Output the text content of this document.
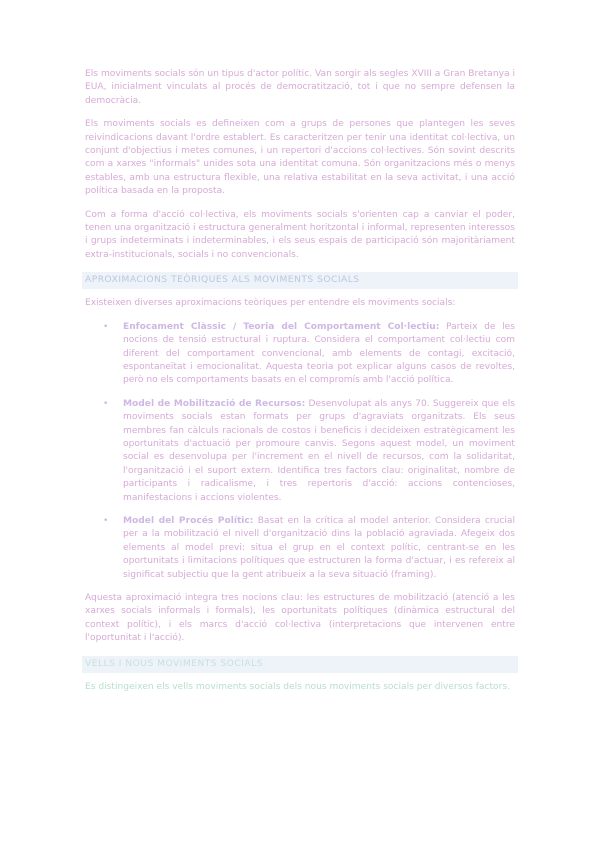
Els moviments socials són un tipus d'actor polític. Van sorgir als segles XVIII a Gran Bretanya i EUA, inicialment vinculats al procés de democratització, tot i que no sempre defensen la democràcia.

Els moviments socials es defineixen com a grups de persones que plantegen les seves reivindicacions davant l'ordre establert. Es caracteritzen per tenir una identitat col·lectiva, un conjunt d'objectius i metes comunes, i un repertori d'accions col·lectives. Són sovint descrits com a xarxes "informals" unides sota una identitat comuna. Són organitzacions més o menys estables, amb una estructura flexible, una relativa estabilitat en la seva activitat, i una acció política basada en la proposta.

Com a forma d'acció col·lectiva, els moviments socials s'orienten cap a canviar el poder, tenen una organització i estructura generalment horitzontal i informal, representen interessos i grups indeterminats i indeterminables, i els seus espais de participació són majoritàriament extra-institucionals, socials i no convencionals.

APROXIMACIONS TEÒRIQUES ALS MOVIMENTS SOCIALS

Existeixen diverses aproximacions teòriques per entendre els moviments socials:

• Enfocament Clàssic / Teoria del Comportament Col·lectiu: Parteix de les nocions de tensió estructural i ruptura. Considera el comportament col·lectiu com diferent del comportament convencional, amb elements de contagi, excitació, espontaneïtat i emocionalitat. Aquesta teoria pot explicar alguns casos de revoltes, però no els comportaments basats en el compromís amb l'acció política.
• Model de Mobilització de Recursos: Desenvolupat als anys 70. Suggereix que els moviments socials estan formats per grups d'agraviats organitzats. Els seus membres fan càlculs racionals de costos i beneficis i decideixen estratègicament les oportunitats d'actuació per promoure canvis. Segons aquest model, un moviment social es desenvolupa per l'increment en el nivell de recursos, com la solidaritat, l'organització i el suport extern. Identifica tres factors clau: originalitat, nombre de participants i radicalisme, i tres repertoris d'acció: accions contencioses, manifestacions i accions violentes.
• Model del Procés Polític: Basat en la crítica al model anterior. Considera crucial per a la mobilització el nivell d'organització dins la població agraviada. Afegeix dos elements al model previ: situa el grup en el context polític, centrant-se en les oportunitats i limitacions polítiques que estructuren la forma d'actuar, i es refereix al significat subjectiu que la gent atribueix a la seva situació (framing).

Aquesta aproximació integra tres nocions clau: les estructures de mobilització (atenció a les xarxes socials informals i formals), les oportunitats polítiques (dinàmica estructural del context polític), i els marcs d'acció col·lectiva (interpretacions que intervenen entre l'oportunitat i l'acció).

VELLS I NOUS MOVIMENTS SOCIALS

Es distingeixen els vells moviments socials dels nous moviments socials per diversos factors.
